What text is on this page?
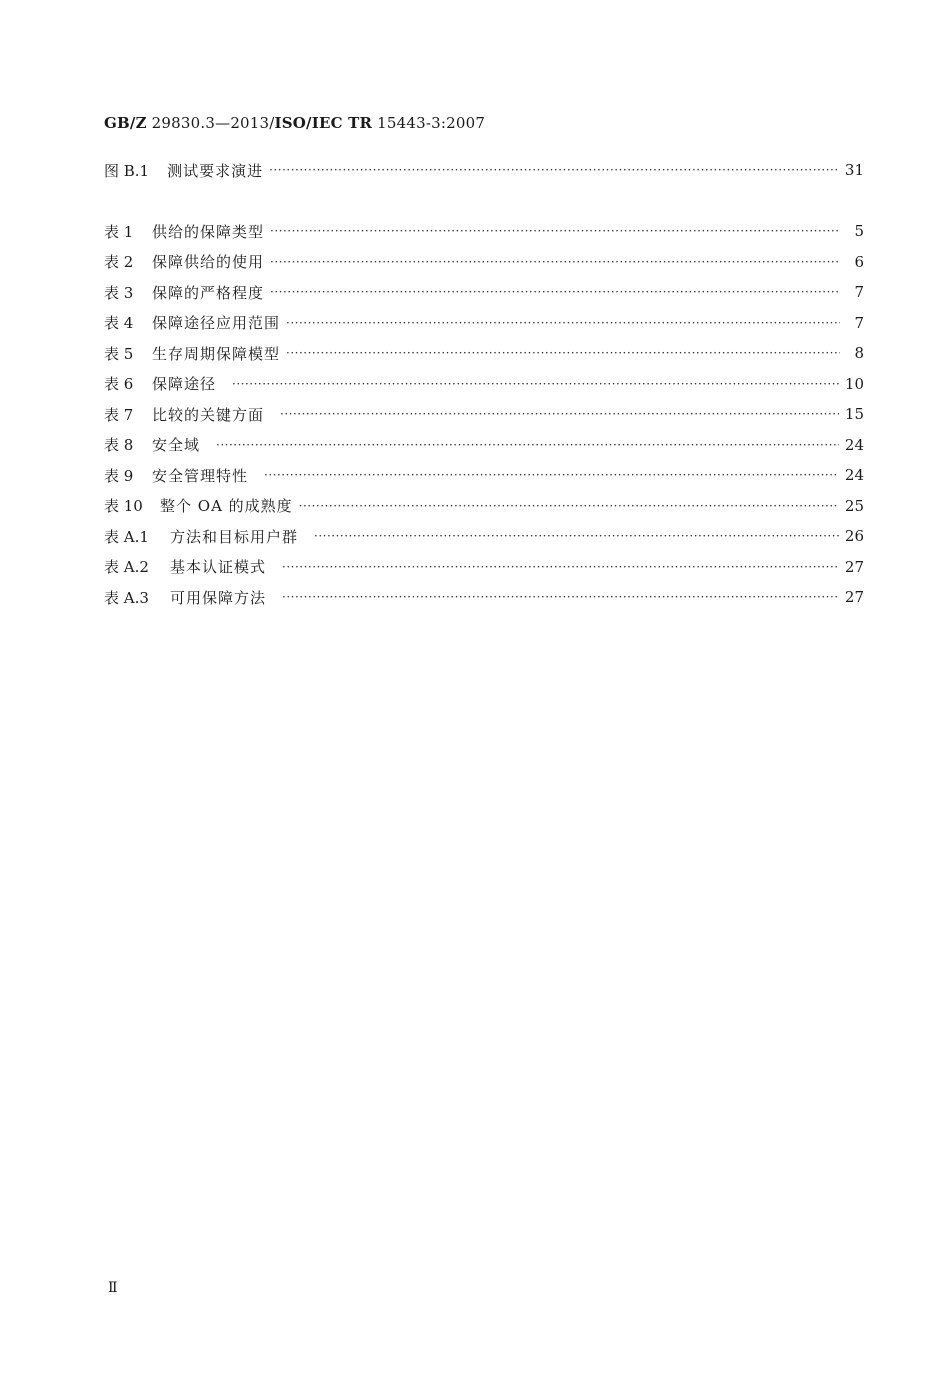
GB/Z 29830.3—2013/ISO/IEC TR 15443-3:2007
图 B.1 测试要求演进 ·····	31
表 1	供给的保障类型 ·····	5
表 2	保障供给的使用 ·····	6
表 3	保障的严格程度 ·····	7
表 4	保障途径应用范围 ·····	7
表 5	生存周期保障模型 ·····	8
表 6	保障途径 ·····	10
表 7	比较的关键方面 ·····	15
表 8	安全域 ·····	24
表 9	安全管理特性 ·····	24
表 10	整个 OA 的成熟度 ·····	25
表 A.1	方法和目标用户群 ·····	26
表 A.2	基本认证模式 ·····	27
表 A.3	可用保障方法 ·····	27
Ⅱ
